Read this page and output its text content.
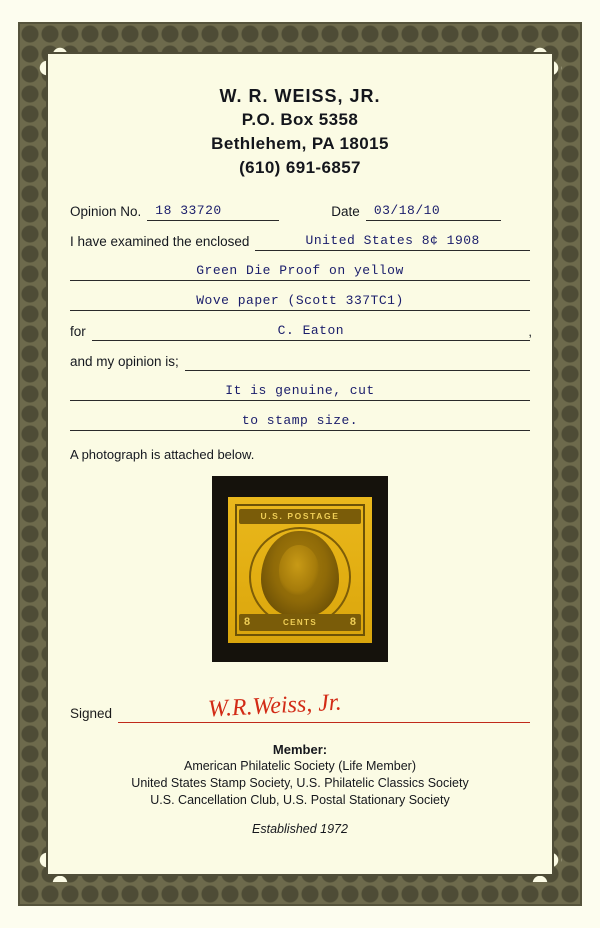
W. R. WEISS, JR.
P.O. Box 5358
Bethlehem, PA 18015
(610) 691-6857
Opinion No.	18 33720	Date	03/18/10
I have examined the enclosed	United States 8¢ 1908
Green Die Proof on yellow
Wove paper (Scott 337TC1)
for	C. Eaton	,
and my opinion is;
It is genuine, cut
to stamp size.
A photograph is attached below.
U.S. POSTAGE
CENTS
8	8
Signed	W.R.Weiss, Jr.
Member:
American Philatelic Society (Life Member)
United States Stamp Society, U.S. Philatelic Classics Society
U.S. Cancellation Club, U.S. Postal Stationary Society
Established 1972
